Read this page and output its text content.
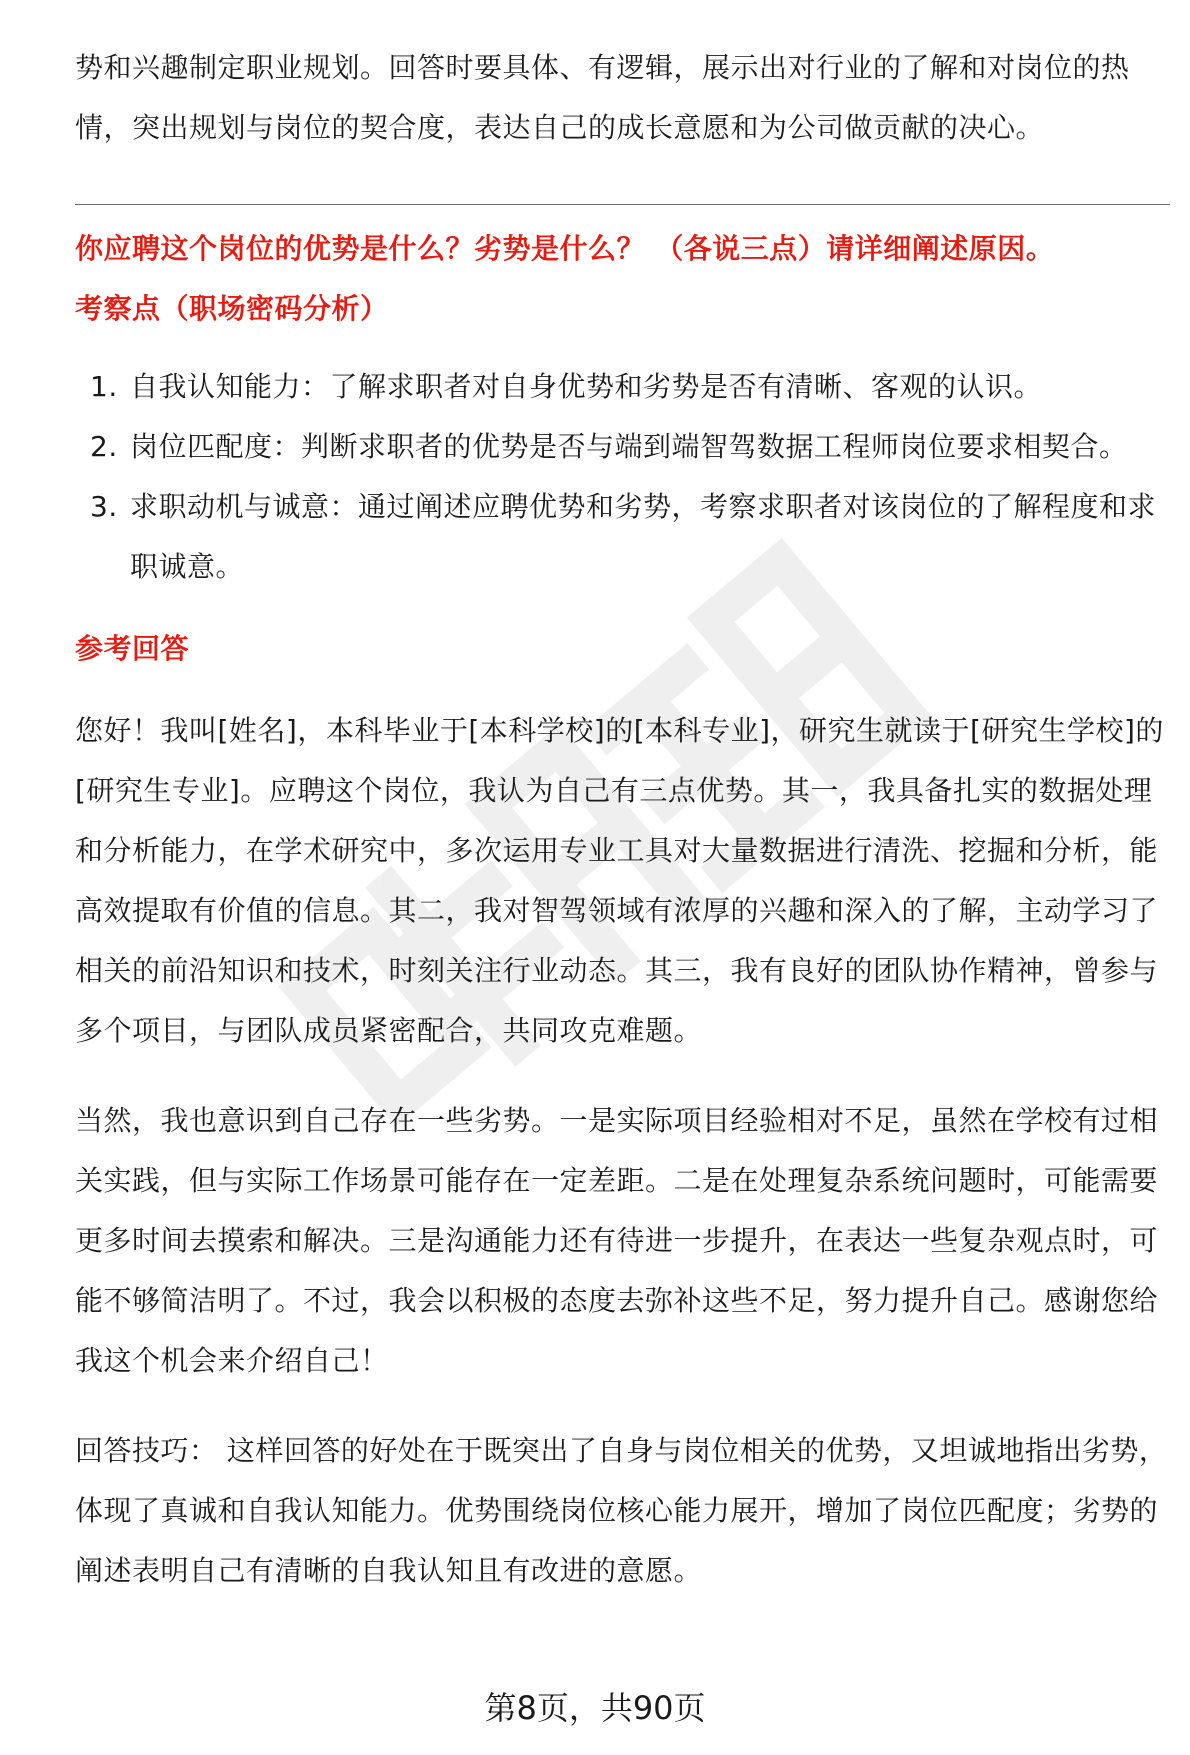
势和兴趣制定职业规划。回答时要具体、有逻辑，展示出对行业的了解和对岗位的热情，突出规划与岗位的契合度，表达自己的成长意愿和为公司做贡献的决心。

你应聘这个岗位的优势是什么？劣势是什么？ （各说三点）请详细阐述原因。

考察点（职场密码分析）

1. 自我认知能力：了解求职者对自身优势和劣势是否有清晰、客观的认识。
2. 岗位匹配度：判断求职者的优势是否与端到端智驾数据工程师岗位要求相契合。
3. 求职动机与诚意：通过阐述应聘优势和劣势，考察求职者对该岗位的了解程度和求职诚意。

参考回答

您好！我叫[姓名]，本科毕业于[本科学校]的[本科专业]，研究生就读于[研究生学校]的[研究生专业]。应聘这个岗位，我认为自己有三点优势。其一，我具备扎实的数据处理和分析能力，在学术研究中，多次运用专业工具对大量数据进行清洗、挖掘和分析，能高效提取有价值的信息。其二，我对智驾领域有浓厚的兴趣和深入的了解，主动学习了相关的前沿知识和技术，时刻关注行业动态。其三，我有良好的团队协作精神，曾参与多个项目，与团队成员紧密配合，共同攻克难题。

当然，我也意识到自己存在一些劣势。一是实际项目经验相对不足，虽然在学校有过相关实践，但与实际工作场景可能存在一定差距。二是在处理复杂系统问题时，可能需要更多时间去摸索和解决。三是沟通能力还有待进一步提升，在表达一些复杂观点时，可能不够简洁明了。不过，我会以积极的态度去弥补这些不足，努力提升自己。感谢您给我这个机会来介绍自己！

回答技巧： 这样回答的好处在于既突出了自身与岗位相关的优势，又坦诚地指出劣势，体现了真诚和自我认知能力。优势围绕岗位核心能力展开，增加了岗位匹配度；劣势的阐述表明自己有清晰的自我认知且有改进的意愿。

第8页，共90页
